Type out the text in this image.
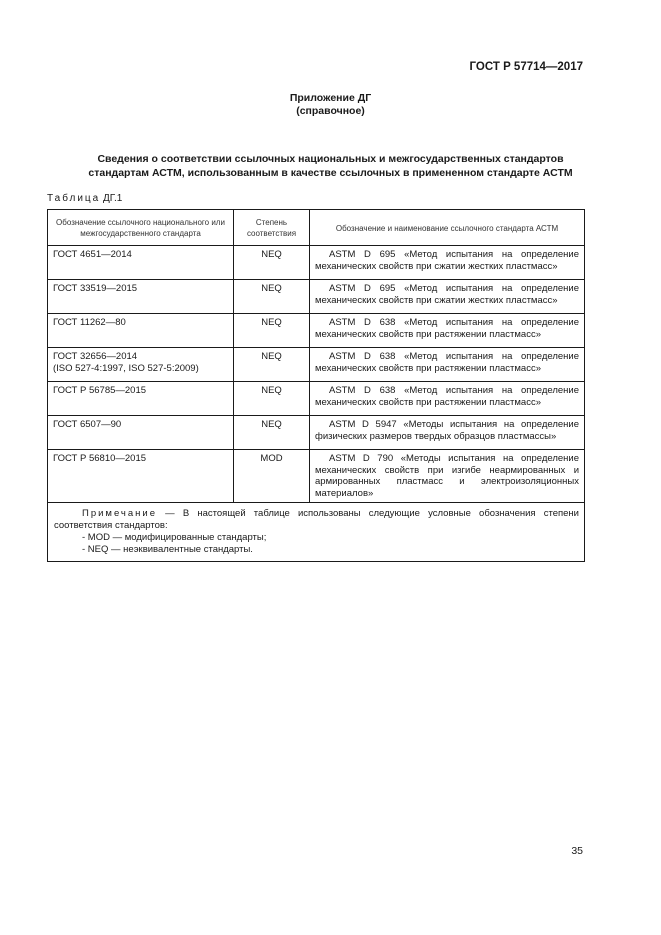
ГОСТ Р 57714—2017
Приложение ДГ
(справочное)
Сведения о соответствии ссылочных национальных и межгосударственных стандартов
стандартам АСТМ, использованным в качестве ссылочных в примененном стандарте АСТМ
Таблица ДГ.1
Обозначение ссылочного национального или межгосударственного стандарта	Степень соответствия	Обозначение и наименование ссылочного стандарта АСТМ
ГОСТ 4651—2014	NEQ	ASTM D 695 «Метод испытания на определение механических свойств при сжатии жестких пластмасс»
ГОСТ 33519—2015	NEQ	ASTM D 695 «Метод испытания на определение механических свойств при сжатии жестких пластмасс»
ГОСТ 11262—80	NEQ	ASTM D 638 «Метод испытания на определение механических свойств при растяжении пластмасс»

ГОСТ 32656—2014
(ISO 527-4:1997, ISO 527-5:2009)	NEQ	ASTM D 638 «Метод испытания на определение механических свойств при растяжении пластмасс»
ГОСТ Р 56785—2015	NEQ	ASTM D 638 «Метод испытания на определение механических свойств при растяжении пластмасс»
ГОСТ 6507—90	NEQ	ASTM D 5947 «Методы испытания на определение физических размеров твердых образцов пластмассы»
ГОСТ Р 56810—2015	MOD	ASTM D 790 «Методы испытания на определение механических свойств при изгибе неармированных и армированных пластмасс и электроизоляционных материалов»

Примечание — В настоящей таблице использованы следующие условные обозначения степени соответствия стандартов:

- MOD — модифицированные стандарты;

- NEQ — неэквивалентные стандарты.		

35
